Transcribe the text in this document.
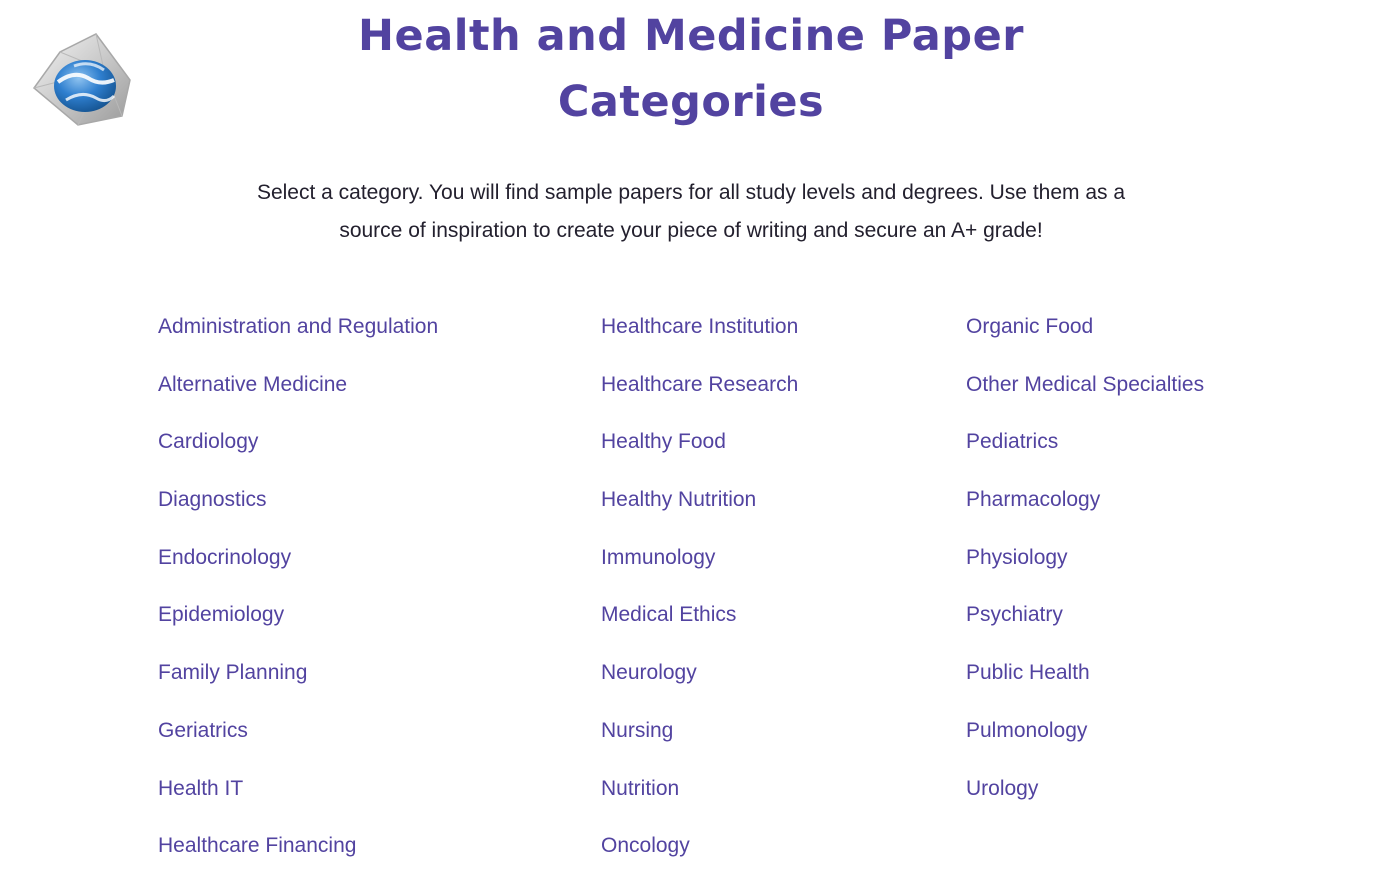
Health and Medicine Paper
Categories

Select a category. You will find sample papers for all study levels and degrees. Use them as a
source of inspiration to create your piece of writing and secure an A+ grade!

Administration and Regulation
Alternative Medicine
Cardiology
Diagnostics
Endocrinology
Epidemiology
Family Planning
Geriatrics
Health IT
Healthcare Financing
Healthcare Institution
Healthcare Research
Healthy Food
Healthy Nutrition
Immunology
Medical Ethics
Neurology
Nursing
Nutrition
Oncology
Organic Food
Other Medical Specialties
Pediatrics
Pharmacology
Physiology
Psychiatry
Public Health
Pulmonology
Urology
